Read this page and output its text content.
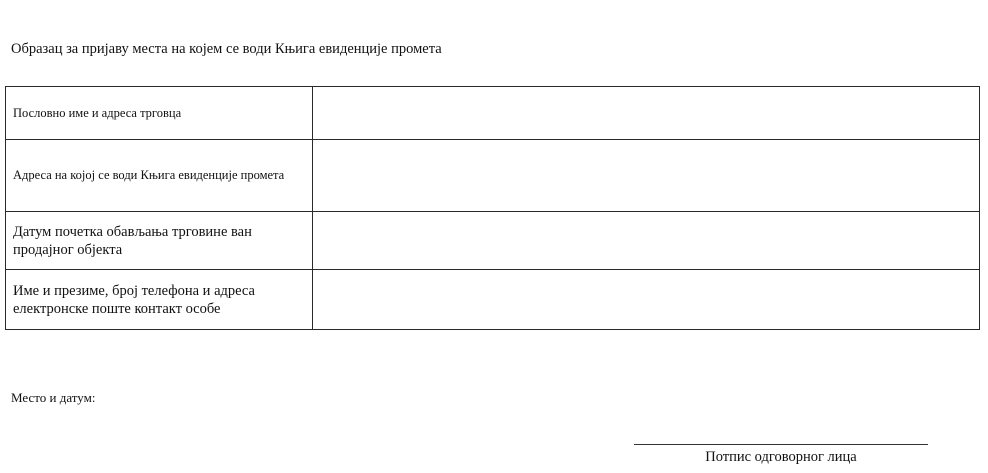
Образац за пријаву места на којем се води Књига евиденције промета
Пословно име и адреса трговца	
Адреса на којој се води Књига евиденције промета	
Датум почетка обављања трговине ван продајног објекта	
Име и презиме, број телефона и адреса електронске поште контакт особе	
Место и датум:
Потпис одговорног лица
